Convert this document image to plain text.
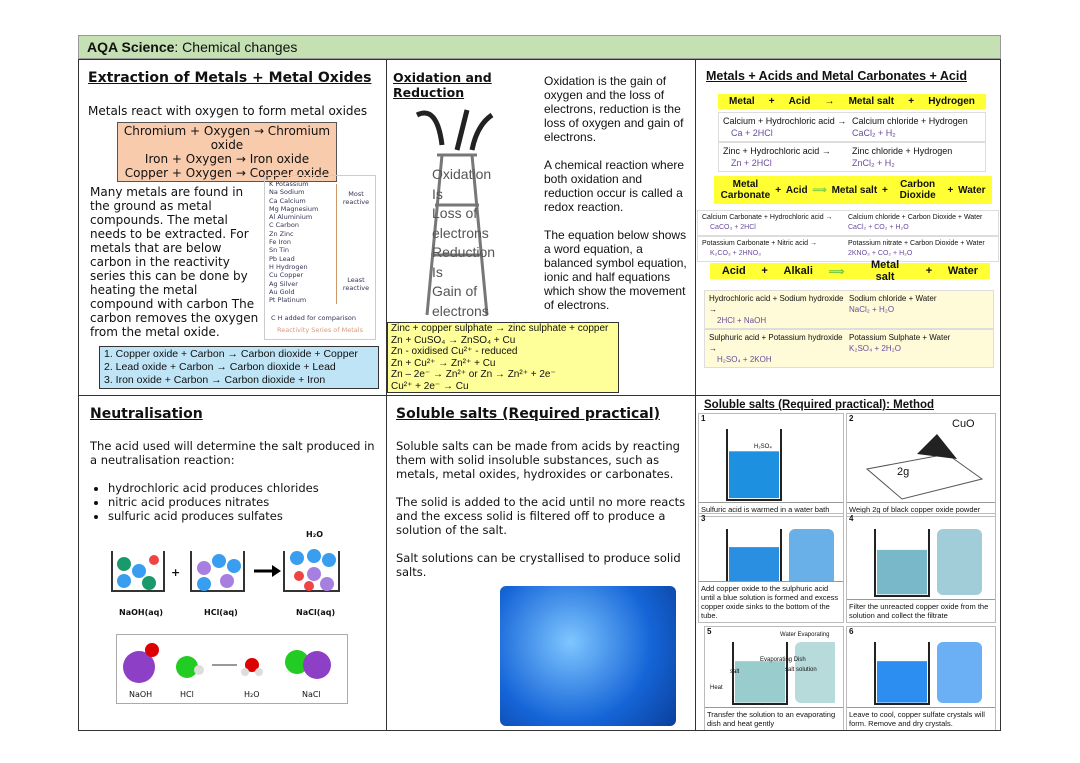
AQA Science: Chemical changes
Extraction of Metals + Metal Oxides
Metals react with oxygen to form metal oxides
Chromium + Oxygen → Chromium oxide
Iron + Oxygen → Iron oxide
Copper + Oxygen → Copper oxide
Many metals are found in the ground as metal compounds. The metal needs to be extracted. For metals that are below carbon in the reactivity series this can be done by heating the metal compound with carbon The carbon removes the oxygen from the metal oxide.
K Potassium
Na Sodium
Ca Calcium
Mg Magnesium
Al Aluminium
C Carbon
Zn Zinc
Fe Iron
Sn Tin
Pb Lead
H Hydrogen
Cu Copper
Ag Silver
Au Gold
Pt Platinum
Most reactive
Least reactive
C H added for comparison
Reactivity Series of Metals
1. Copper oxide + Carbon → Carbon dioxide + Copper
2. Lead oxide + Carbon → Carbon dioxide + Lead
3. Iron oxide + Carbon → Carbon dioxide + Iron
Oxidation and Reduction
Oxidation
Is
Loss of electrons
Reduction
Is
Gain of electrons
Oxidation is the gain of oxygen and the loss of electrons, reduction is the loss of oxygen and gain of electrons.

A chemical reaction where both oxidation and reduction occur is called a redox reaction.

The equation below shows a word equation, a balanced symbol equation, ionic and half equations which show the movement of electrons.
Zinc + copper sulphate → zinc sulphate + copper
Zn + CuSO₄ → ZnSO₄ + Cu
Zn - oxidised Cu²⁺ - reduced
Zn + Cu²⁺ → Zn²⁺ + Cu
Zn – 2e⁻ → Zn²⁺ or Zn → Zn²⁺ + 2e⁻
Cu²⁺ + 2e⁻ → Cu
Metals + Acids and Metal Carbonates + Acid
Metal + Acid → Metal salt + Hydrogen
Calcium + Hydrochloric acid →
Ca + 2HCl
Calcium chloride + Hydrogen
CaCl₂ + H₂
Zinc + Hydrochloric acid →
Zn + 2HCl
Zinc chloride + Hydrogen
ZnCl₂ + H₂
Metal Carbonate + Acid ⟹ Metal salt +	Carbon Dioxide	+ Water
Calcium Carbonate + Hydrochloric acid →
CaCO₃ + 2HCl
Calcium chloride + Carbon Dioxide + Water
CaCl₂ + CO₂ + H₂O
Potassium Carbonate + Nitric acid →
K₂CO₃ + 2HNO₃
Potassium nitrate + Carbon Dioxide + Water
2KNO₃ + CO₂ + H₂O
Acid + Alkali ⟹
Metal salt	+ Water
Hydrochloric acid + Sodium hydroxide →
2HCl + NaOH
Sodium chloride + Water
NaCl₂ + H₂O
Sulphuric acid + Potassium hydroxide →
H₂SO₄ + 2KOH
Potassium Sulphate + Water
K₂SO₄ + 2H₂O
Neutralisation
The acid used will determine the salt produced in a neutralisation reaction:
• hydrochloric acid produces chlorides
• nitric acid produces nitrates
• sulfuric acid produces sulfates
+
NaOH(aq)	HCl(aq)	NaCl(aq)
H₂O
NaOH	HCl	H₂O	NaCl
Soluble salts (Required practical)
Soluble salts can be made from acids by reacting them with solid insoluble substances, such as metals, metal oxides, hydroxides or carbonates.

The solid is added to the acid until no more reacts and the excess solid is filtered off to produce a solution of the salt.

Salt solutions can be crystallised to produce solid salts.
Soluble salts (Required practical): Method
1
H₂SO₄
Sulfuric acid is warmed in a water bath
2	CuO
2g
Weigh 2g of black copper oxide powder
3
Add copper oxide to the sulphuric acid until a blue solution is formed and excess copper oxide sinks to the bottom of the tube.
4
Filter the unreacted copper oxide from the solution and collect the filtrate
5
Evaporating Dish
salt solution
Water Evaporating
salt
Heat
Transfer the solution to an evaporating dish and heat gently
6
Leave to cool, copper sulfate crystals will form. Remove and dry crystals.
